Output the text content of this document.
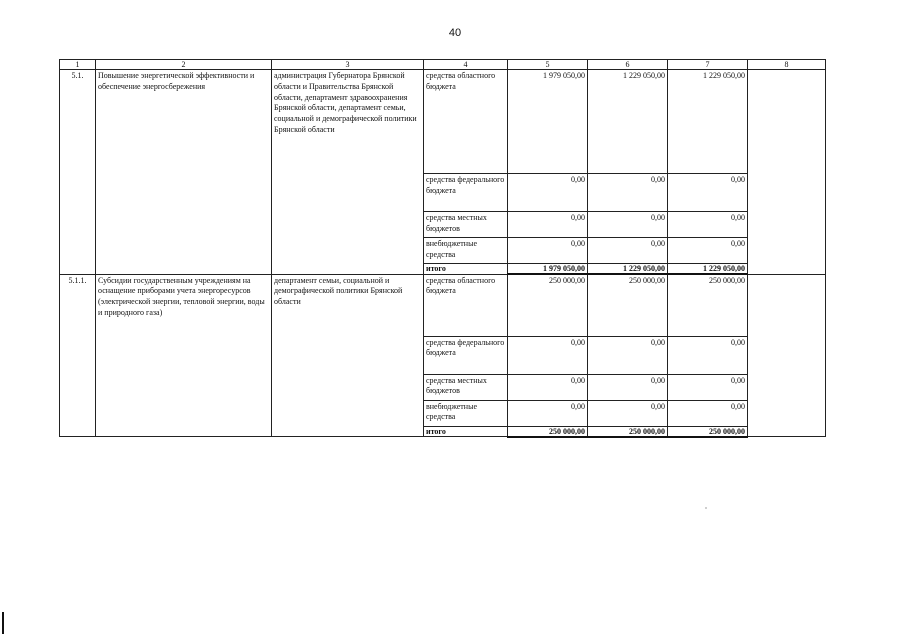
40
1	2	3	4	5	6	7	8
5.1.	Повышение энергетической эффективности и обеспечение энергосбережения	администрация Губернатора Брянской области и Правительства Брянской области, департамент здравоохранения Брянской области, департамент семьи, социальной и демографической политики Брянской области	средства областного бюджета	1 979 050,00	1 229 050,00	1 229 050,00	
			средства федерального бюджета	0,00	0,00	0,00	
			средства местных бюджетов	0,00	0,00	0,00	
			внебюджетные средства	0,00	0,00	0,00	
			итого	1 979 050,00	1 229 050,00	1 229 050,00	
5.1.1.	Субсидии государственным учреждениям на оснащение приборами учета энергоресурсов (электрической энергии, тепловой энергии, воды и природного газа)	департамент семьи, социальной и демографической политики Брянской области	средства областного бюджета	250 000,00	250 000,00	250 000,00	
			средства федерального бюджета	0,00	0,00	0,00	
			средства местных бюджетов	0,00	0,00	0,00	
			внебюджетные средства	0,00	0,00	0,00	
			итого	250 000,00	250 000,00	250 000,00	
